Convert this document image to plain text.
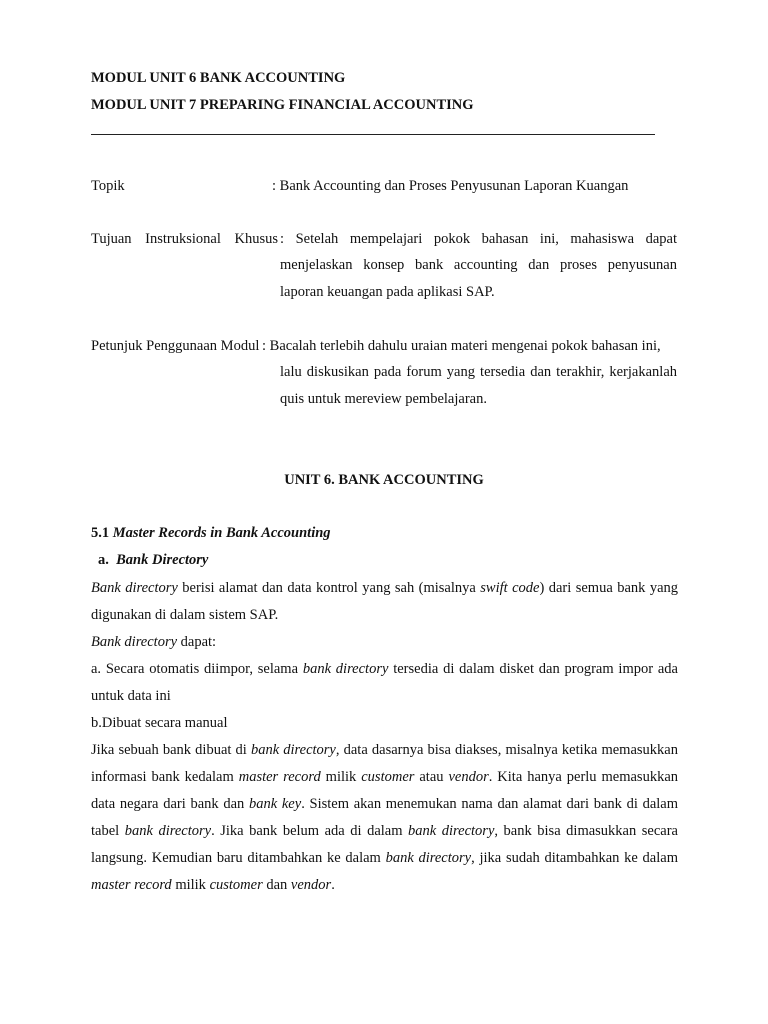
MODUL UNIT 6 BANK ACCOUNTING
MODUL UNIT 7 PREPARING FINANCIAL ACCOUNTING
Topik	: Bank Accounting dan Proses Penyusunan Laporan Kuangan
Tujuan Instruksional Khusus : Setelah mempelajari pokok bahasan ini, mahasiswa dapat
menjelaskan konsep bank accounting dan proses penyusunan laporan keuangan pada aplikasi SAP.
Petunjuk Penggunaan Modul : Bacalah terlebih dahulu uraian materi mengenai pokok bahasan ini,
lalu diskusikan pada forum yang tersedia dan terakhir, kerjakanlah quis untuk mereview pembelajaran.
UNIT 6. BANK ACCOUNTING
5.1 Master Records in Bank Accounting
a. Bank Directory
Bank directory berisi alamat dan data kontrol yang sah (misalnya swift code) dari semua bank yang digunakan di dalam sistem SAP.
Bank directory dapat:
a. Secara otomatis diimpor, selama bank directory tersedia di dalam disket dan program impor ada untuk data ini
b.Dibuat secara manual
Jika sebuah bank dibuat di bank directory, data dasarnya bisa diakses, misalnya ketika memasukkan informasi bank kedalam master record milik customer atau vendor. Kita hanya perlu memasukkan data negara dari bank dan bank key. Sistem akan menemukan nama dan alamat dari bank di dalam tabel bank directory. Jika bank belum ada di dalam bank directory, bank bisa dimasukkan secara langsung. Kemudian baru ditambahkan ke dalam bank directory, jika sudah ditambahkan ke dalam master record milik customer dan vendor.
